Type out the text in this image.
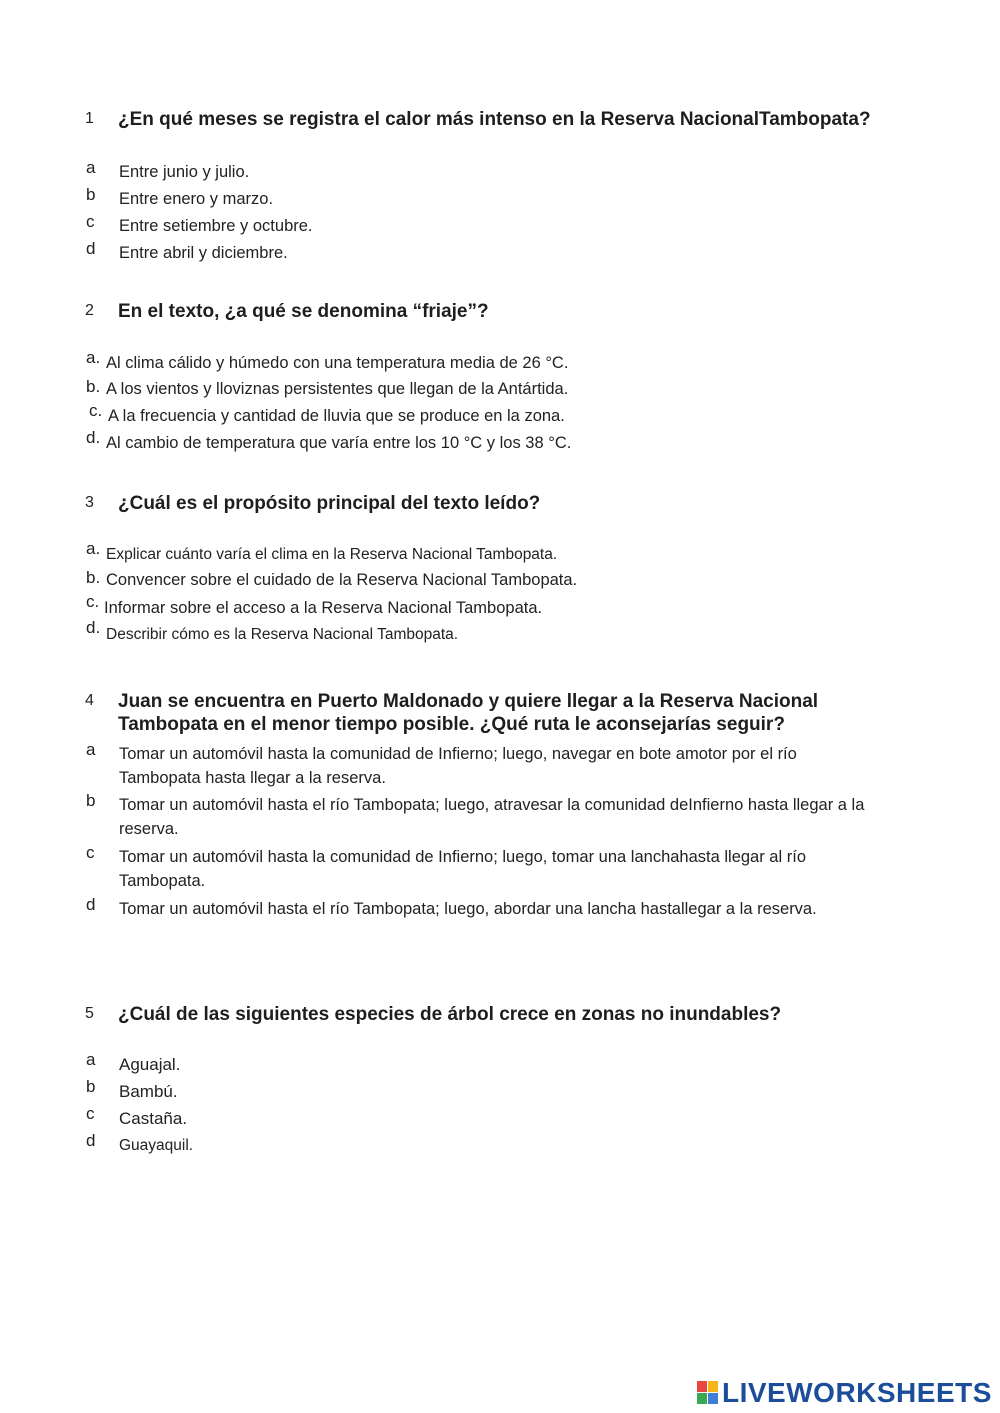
1 ¿En qué meses se registra el calor más intenso en la Reserva NacionalTambopata?
a Entre junio y julio.
b Entre enero y marzo.
c Entre setiembre y octubre.
d Entre abril y diciembre.
2 En el texto, ¿a qué se denomina “friaje”?
a. Al clima cálido y húmedo con una temperatura media de 26 °C.
b. A los vientos y lloviznas persistentes que llegan de la Antártida.
c. A la frecuencia y cantidad de lluvia que se produce en la zona.
d. Al cambio de temperatura que varía entre los 10 °C y los 38 °C.
3 ¿Cuál es el propósito principal del texto leído?
a. Explicar cuánto varía el clima en la Reserva Nacional Tambopata.
b. Convencer sobre el cuidado de la Reserva Nacional Tambopata.
c. Informar sobre el acceso a la Reserva Nacional Tambopata.
d. Describir cómo es la Reserva Nacional Tambopata.
4 Juan se encuentra en Puerto Maldonado y quiere llegar a la Reserva Nacional
Tambopata en el menor tiempo posible. ¿Qué ruta le aconsejarías seguir?
a Tomar un automóvil hasta la comunidad de Infierno; luego, navegar en bote amotor por el río
Tambopata hasta llegar a la reserva.
b Tomar un automóvil hasta el río Tambopata; luego, atravesar la comunidad deInfierno hasta llegar a la
reserva.
c Tomar un automóvil hasta la comunidad de Infierno; luego, tomar una lanchahasta llegar al río
Tambopata.
d Tomar un automóvil hasta el río Tambopata; luego, abordar una lancha hastallegar a la reserva.
5 ¿Cuál de las siguientes especies de árbol crece en zonas no inundables?
a Aguajal.
b Bambú.
c Castaña.
d Guayaquil.
LIVEWORKSHEETS
